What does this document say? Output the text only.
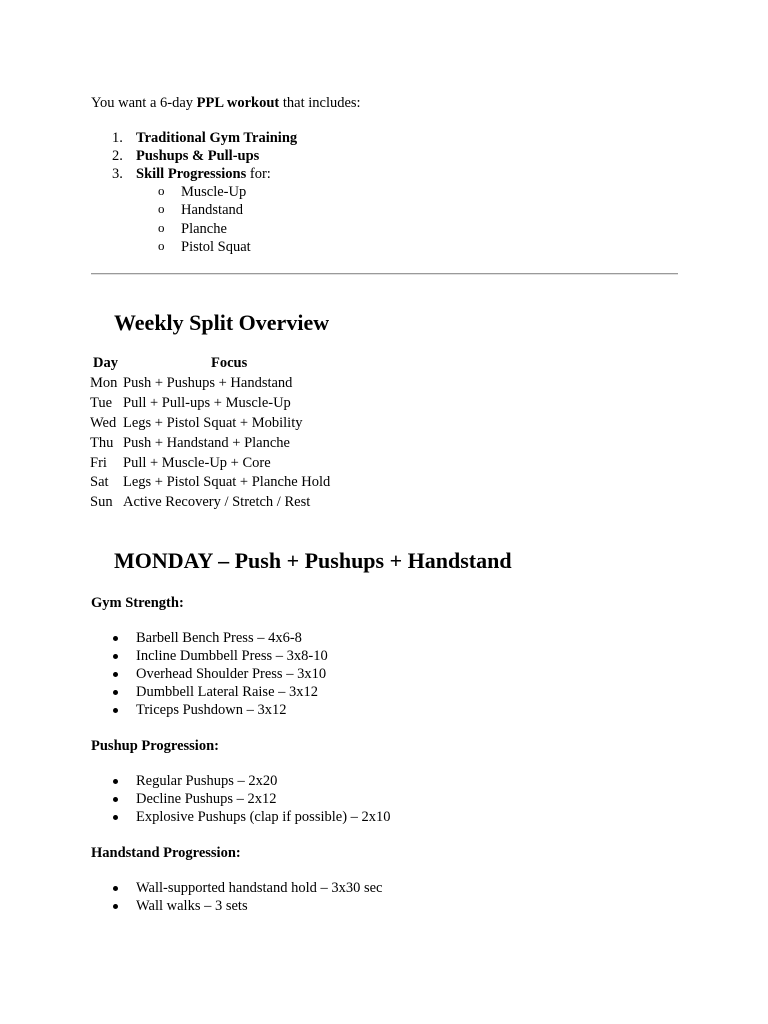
You want a 6-day PPL workout that includes:

1. Traditional Gym Training
2. Pushups & Pull-ups
3. Skill Progressions for:
o Muscle-Up
o Handstand
o Planche
o Pistol Squat
Weekly Split Overview
Day	Focus
Mon	Push + Pushups + Handstand
Tue	Pull + Pull-ups + Muscle-Up
Wed	Legs + Pistol Squat + Mobility
Thu	Push + Handstand + Planche
Fri	Pull + Muscle-Up + Core
Sat	Legs + Pistol Squat + Planche Hold
Sun	Active Recovery / Stretch / Rest
MONDAY – Push + Pushups + Handstand

Gym Strength:

Barbell Bench Press – 4x6-8
Incline Dumbbell Press – 3x8-10
Overhead Shoulder Press – 3x10
Dumbbell Lateral Raise – 3x12
Triceps Pushdown – 3x12

Pushup Progression:

Regular Pushups – 2x20
Decline Pushups – 2x12
Explosive Pushups (clap if possible) – 2x10

Handstand Progression:

Wall-supported handstand hold – 3x30 sec
Wall walks – 3 sets
